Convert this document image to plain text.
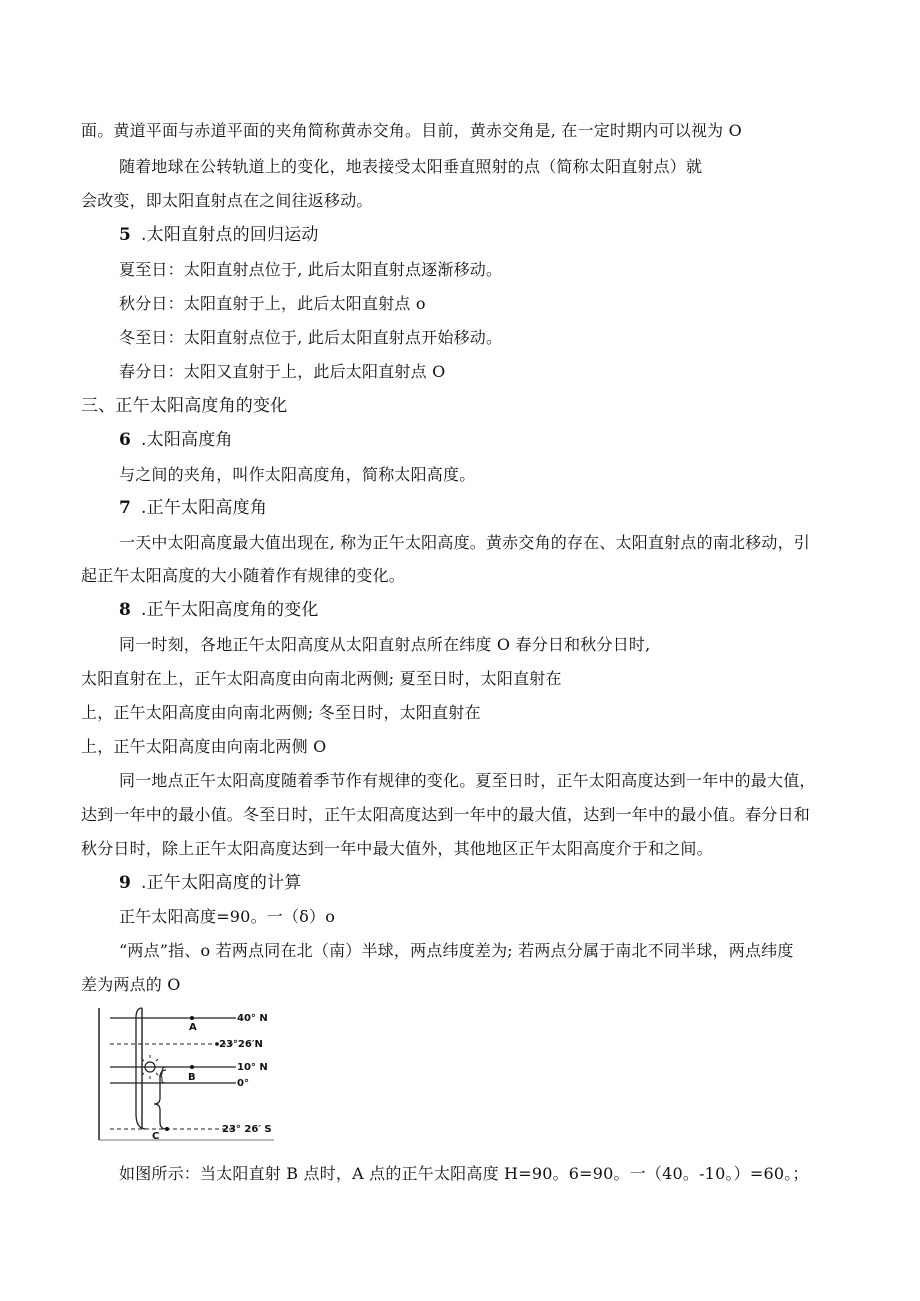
面。黄道平面与赤道平面的夹角简称黄赤交角。目前，黄赤交角是, 在一定时期内可以视为 O
随着地球在公转轨道上的变化，地表接受太阳垂直照射的点（简称太阳直射点）就
会改变，即太阳直射点在之间往返移动。
5 .太阳直射点的回归运动
夏至日：太阳直射点位于, 此后太阳直射点逐渐移动。
秋分日：太阳直射于上，此后太阳直射点 o
冬至日：太阳直射点位于, 此后太阳直射点开始移动。
春分日：太阳又直射于上，此后太阳直射点 O
三、正午太阳高度角的变化
6 .太阳高度角
与之间的夹角，叫作太阳高度角，简称太阳高度。
7 .正午太阳高度角
一天中太阳高度最大值出现在, 称为正午太阳高度。黄赤交角的存在、太阳直射点的南北移动，引
起正午太阳高度的大小随着作有规律的变化。
8 .正午太阳高度角的变化
同一时刻，各地正午太阳高度从太阳直射点所在纬度 O 春分日和秋分日时,
太阳直射在上，正午太阳高度由向南北两侧; 夏至日时，太阳直射在
上，正午太阳高度由向南北两侧; 冬至日时，太阳直射在
上，正午太阳高度由向南北两侧 O
同一地点正午太阳高度随着季节作有规律的变化。夏至日时，正午太阳高度达到一年中的最大值，
达到一年中的最小值。冬至日时，正午太阳高度达到一年中的最大值，达到一年中的最小值。春分日和
秋分日时，除上正午太阳高度达到一年中最大值外，其他地区正午太阳高度介于和之间。
9 .正午太阳高度的计算
正午太阳高度=90。一（δ）o
“两点”指、o 若两点同在北（南）半球，两点纬度差为; 若两点分属于南北不同半球，两点纬度
差为两点的 O
A
B
C
40° N
23°26′N
10° N
0°
23° 26′ S
如图所示：当太阳直射 B 点时，A 点的正午太阳高度 H=90。6=90。一（40。-10。）=60。；
